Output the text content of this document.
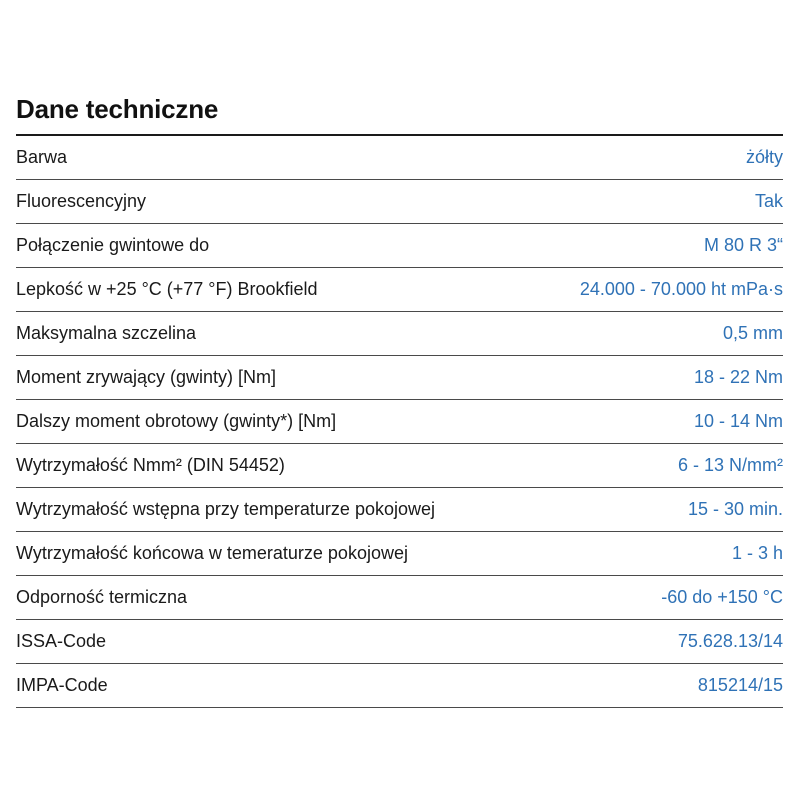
Dane techniczne
Barwa	żółty
Fluorescencyjny	Tak
Połączenie gwintowe do	M 80 R 3“
Lepkość w +25 °C (+77 °F) Brookfield	24.000 - 70.000 ht mPa·s
Maksymalna szczelina	0,5 mm
Moment zrywający (gwinty) [Nm]	18 - 22 Nm
Dalszy moment obrotowy (gwinty*) [Nm]	10 - 14 Nm
Wytrzymałość Nmm² (DIN 54452)	6 - 13 N/mm²
Wytrzymałość wstępna przy temperaturze pokojowej	15 - 30 min.
Wytrzymałość końcowa w temeraturze pokojowej	1 - 3 h
Odporność termiczna	-60 do +150 °C
ISSA-Code	75.628.13/14
IMPA-Code	815214/15
